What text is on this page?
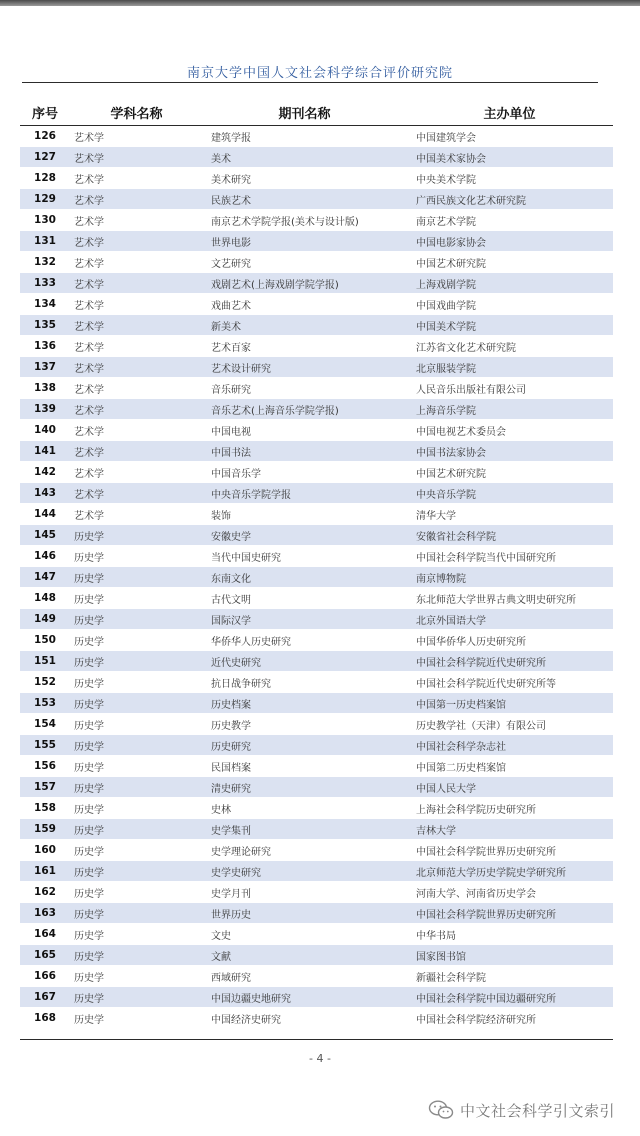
南京大学中国人文社会科学综合评价研究院
序号	学科名称	期刊名称	主办单位
126	艺术学	建筑学报	中国建筑学会
127	艺术学	美术	中国美术家协会
128	艺术学	美术研究	中央美术学院
129	艺术学	民族艺术	广西民族文化艺术研究院
130	艺术学	南京艺术学院学报(美术与设计版)	南京艺术学院
131	艺术学	世界电影	中国电影家协会
132	艺术学	文艺研究	中国艺术研究院
133	艺术学	戏剧艺术(上海戏剧学院学报)	上海戏剧学院
134	艺术学	戏曲艺术	中国戏曲学院
135	艺术学	新美术	中国美术学院
136	艺术学	艺术百家	江苏省文化艺术研究院
137	艺术学	艺术设计研究	北京服装学院
138	艺术学	音乐研究	人民音乐出版社有限公司
139	艺术学	音乐艺术(上海音乐学院学报)	上海音乐学院
140	艺术学	中国电视	中国电视艺术委员会
141	艺术学	中国书法	中国书法家协会
142	艺术学	中国音乐学	中国艺术研究院
143	艺术学	中央音乐学院学报	中央音乐学院
144	艺术学	装饰	清华大学
145	历史学	安徽史学	安徽省社会科学院
146	历史学	当代中国史研究	中国社会科学院当代中国研究所
147	历史学	东南文化	南京博物院
148	历史学	古代文明	东北师范大学世界古典文明史研究所
149	历史学	国际汉学	北京外国语大学
150	历史学	华侨华人历史研究	中国华侨华人历史研究所
151	历史学	近代史研究	中国社会科学院近代史研究所
152	历史学	抗日战争研究	中国社会科学院近代史研究所等
153	历史学	历史档案	中国第一历史档案馆
154	历史学	历史教学	历史教学社（天津）有限公司
155	历史学	历史研究	中国社会科学杂志社
156	历史学	民国档案	中国第二历史档案馆
157	历史学	清史研究	中国人民大学
158	历史学	史林	上海社会科学院历史研究所
159	历史学	史学集刊	吉林大学
160	历史学	史学理论研究	中国社会科学院世界历史研究所
161	历史学	史学史研究	北京师范大学历史学院史学研究所
162	历史学	史学月刊	河南大学、河南省历史学会
163	历史学	世界历史	中国社会科学院世界历史研究所
164	历史学	文史	中华书局
165	历史学	文献	国家图书馆
166	历史学	西域研究	新疆社会科学院
167	历史学	中国边疆史地研究	中国社会科学院中国边疆研究所
168	历史学	中国经济史研究	中国社会科学院经济研究所
- 4 -
中文社会科学引文索引
